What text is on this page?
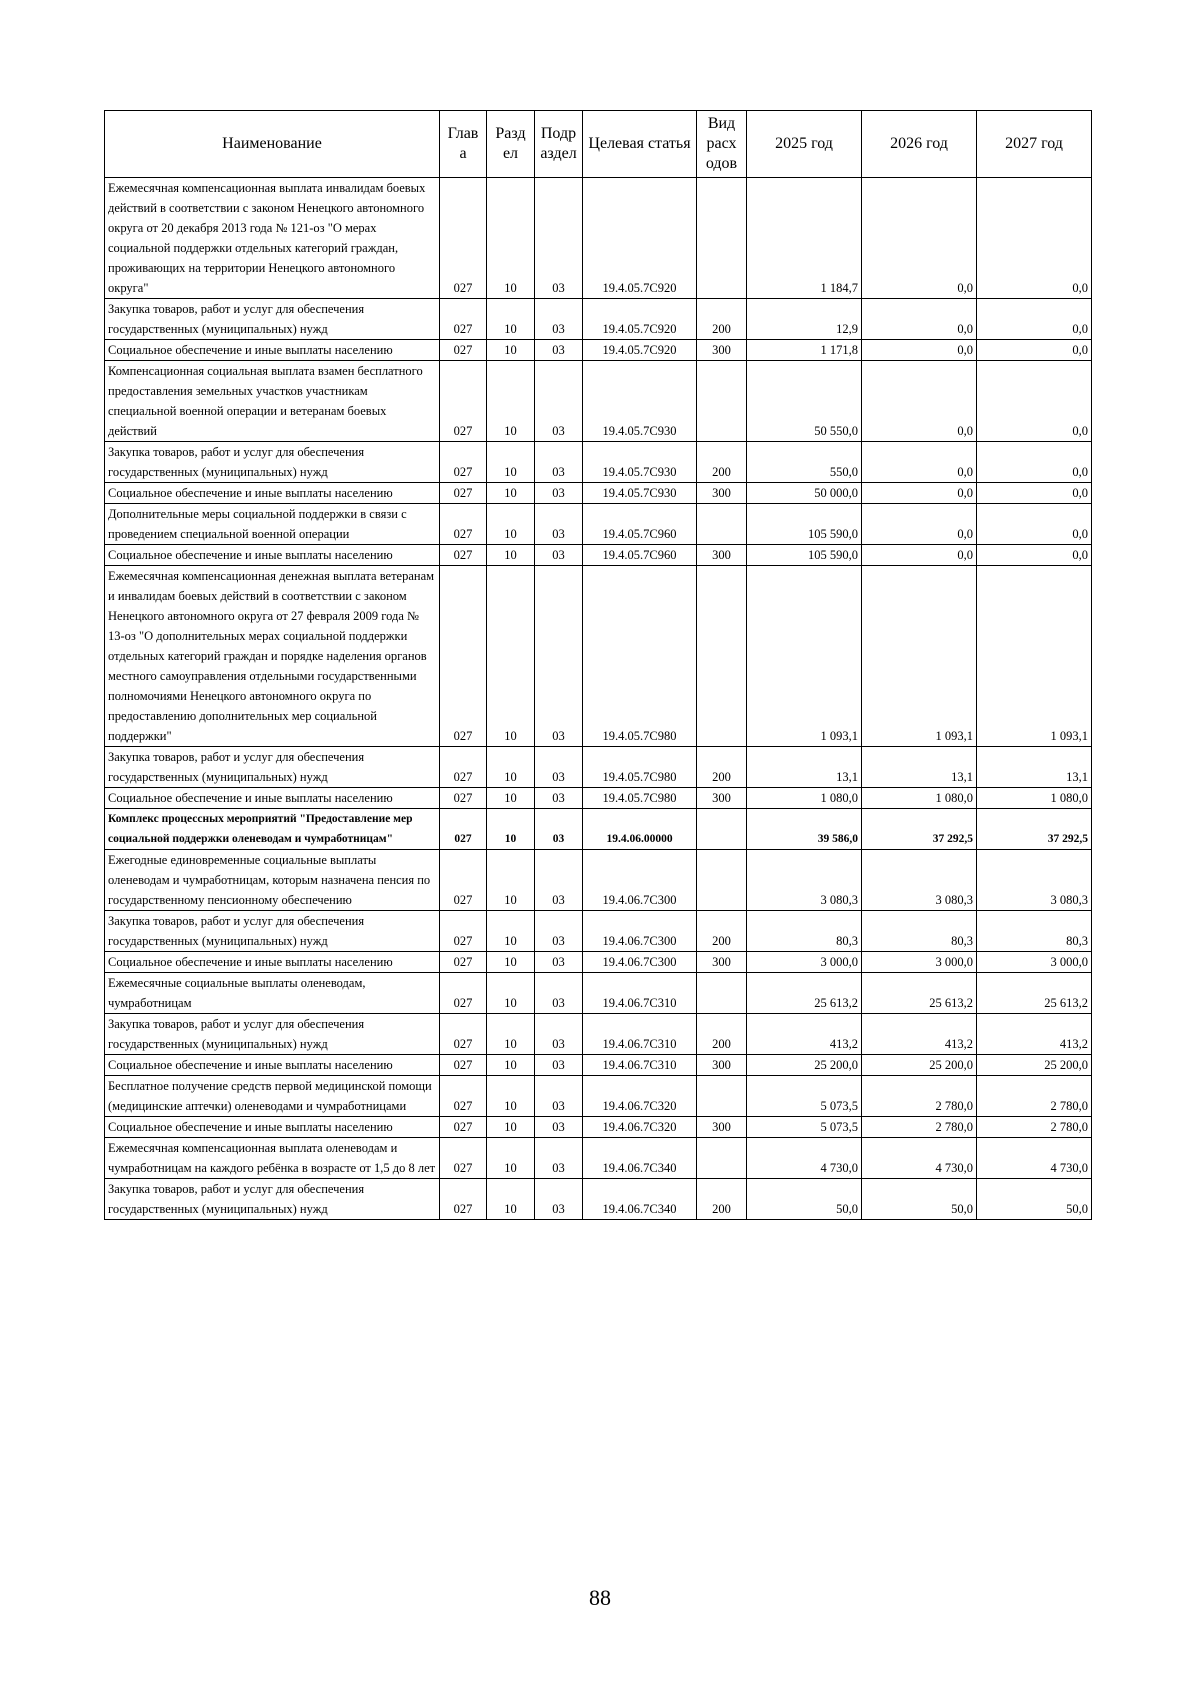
Наименование	Глав а	Разд ел	Подр аздел	Целевая статья	Вид расх одов	2025 год	2026 год	2027 год
Ежемесячная компенсационная выплата инвалидам боевых действий в соответствии с законом Ненецкого автономного округа от 20 декабря 2013 года № 121-оз "О мерах социальной поддержки отдельных категорий граждан, проживающих на территории Ненецкого автономного округа"	027	10	03	19.4.05.7С920		1 184,7	0,0	0,0
Закупка товаров, работ и услуг для обеспечения государственных (муниципальных) нужд	027	10	03	19.4.05.7С920	200	12,9	0,0	0,0
Социальное обеспечение и иные выплаты населению	027	10	03	19.4.05.7С920	300	1 171,8	0,0	0,0
Компенсационная социальная выплата взамен бесплатного предоставления земельных участков участникам специальной военной операции и ветеранам боевых действий	027	10	03	19.4.05.7С930		50 550,0	0,0	0,0
Закупка товаров, работ и услуг для обеспечения государственных (муниципальных) нужд	027	10	03	19.4.05.7С930	200	550,0	0,0	0,0
Социальное обеспечение и иные выплаты населению	027	10	03	19.4.05.7С930	300	50 000,0	0,0	0,0
Дополнительные меры социальной поддержки в связи с проведением специальной военной операции	027	10	03	19.4.05.7С960		105 590,0	0,0	0,0
Социальное обеспечение и иные выплаты населению	027	10	03	19.4.05.7С960	300	105 590,0	0,0	0,0
Ежемесячная компенсационная денежная выплата ветеранам и инвалидам боевых действий в соответствии с законом Ненецкого автономного округа от 27 февраля 2009 года № 13-оз "О дополнительных мерах социальной поддержки отдельных категорий граждан и порядке наделения органов местного самоуправления отдельными государственными полномочиями Ненецкого автономного округа по предоставлению дополнительных мер социальной поддержки"	027	10	03	19.4.05.7С980		1 093,1	1 093,1	1 093,1
Закупка товаров, работ и услуг для обеспечения государственных (муниципальных) нужд	027	10	03	19.4.05.7С980	200	13,1	13,1	13,1
Социальное обеспечение и иные выплаты населению	027	10	03	19.4.05.7С980	300	1 080,0	1 080,0	1 080,0
Комплекс процессных мероприятий "Предоставление мер социальной поддержки оленеводам и чумработницам"	027	10	03	19.4.06.00000		39 586,0	37 292,5	37 292,5
Ежегодные единовременные социальные выплаты оленеводам и чумработницам, которым назначена пенсия по государственному пенсионному обеспечению	027	10	03	19.4.06.7С300		3 080,3	3 080,3	3 080,3
Закупка товаров, работ и услуг для обеспечения государственных (муниципальных) нужд	027	10	03	19.4.06.7С300	200	80,3	80,3	80,3
Социальное обеспечение и иные выплаты населению	027	10	03	19.4.06.7С300	300	3 000,0	3 000,0	3 000,0
Ежемесячные социальные выплаты оленеводам, чумработницам	027	10	03	19.4.06.7С310		25 613,2	25 613,2	25 613,2
Закупка товаров, работ и услуг для обеспечения государственных (муниципальных) нужд	027	10	03	19.4.06.7С310	200	413,2	413,2	413,2
Социальное обеспечение и иные выплаты населению	027	10	03	19.4.06.7С310	300	25 200,0	25 200,0	25 200,0
Бесплатное получение средств первой медицинской помощи (медицинские аптечки) оленеводами и чумработницами	027	10	03	19.4.06.7С320		5 073,5	2 780,0	2 780,0
Социальное обеспечение и иные выплаты населению	027	10	03	19.4.06.7С320	300	5 073,5	2 780,0	2 780,0
Ежемесячная компенсационная выплата оленеводам и чумработницам на каждого ребёнка в возрасте от 1,5 до 8 лет	027	10	03	19.4.06.7С340		4 730,0	4 730,0	4 730,0
Закупка товаров, работ и услуг для обеспечения государственных (муниципальных) нужд	027	10	03	19.4.06.7С340	200	50,0	50,0	50,0
88
